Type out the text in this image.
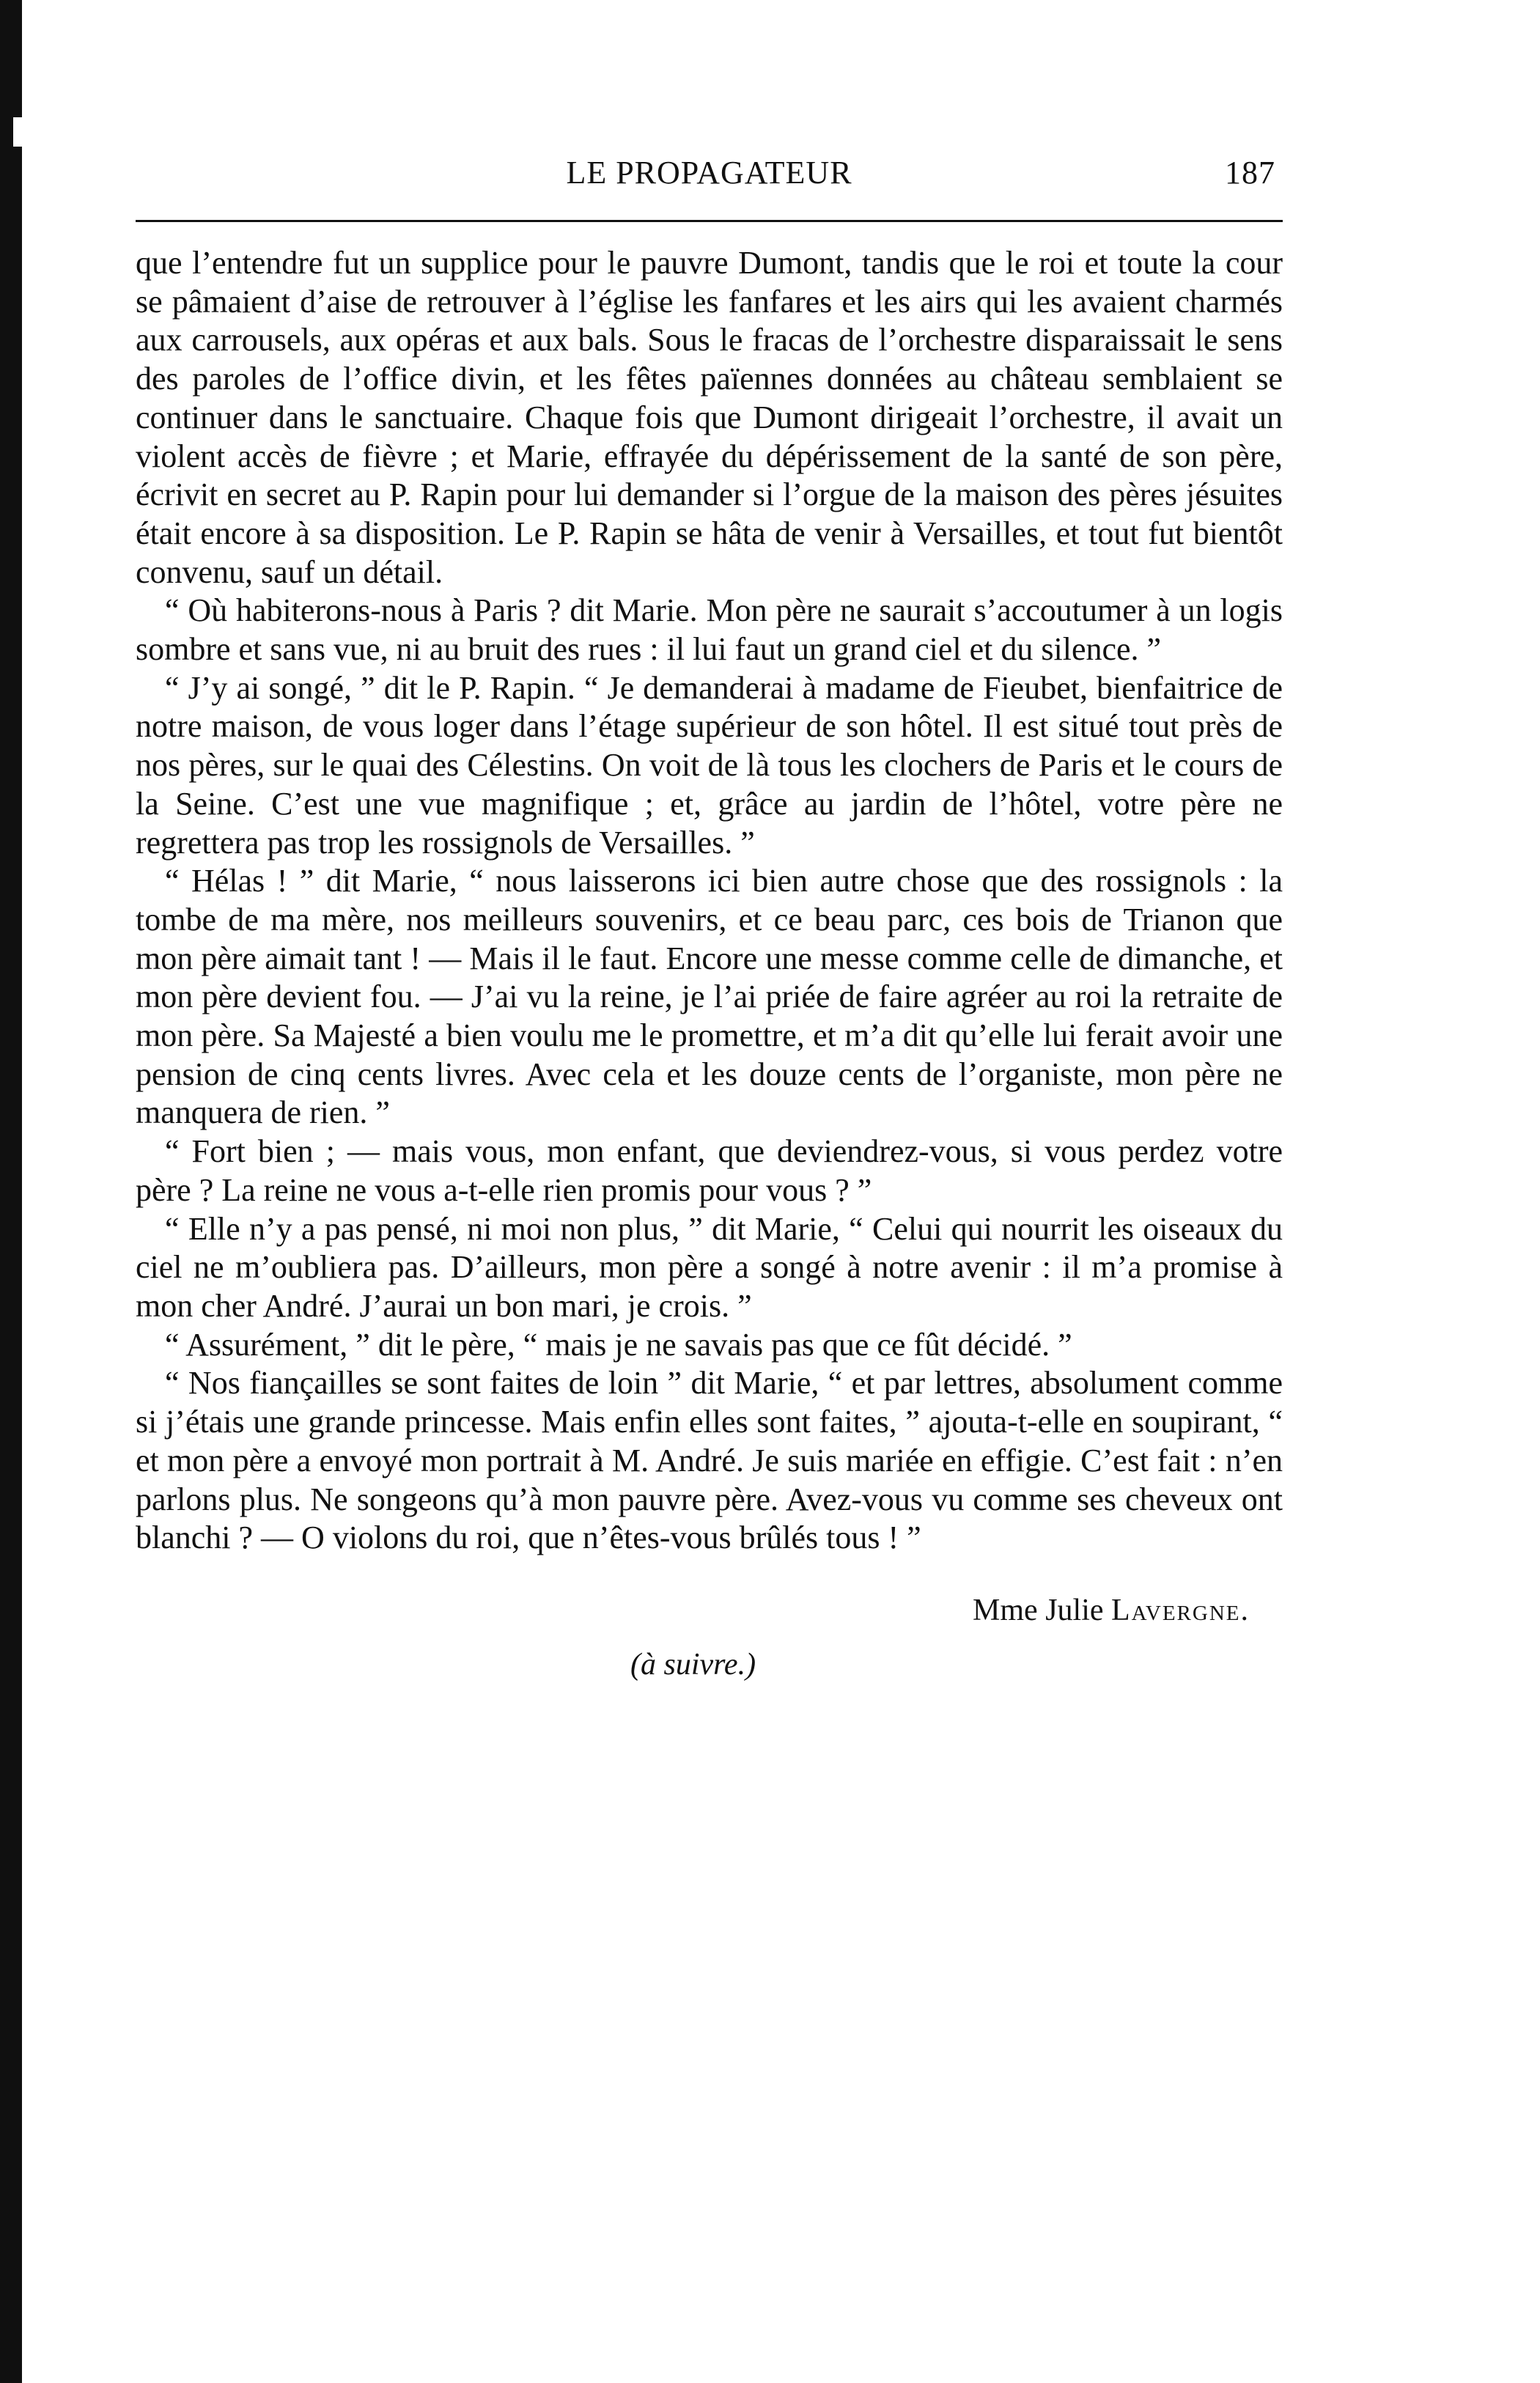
LE PROPAGATEUR	187

que l’entendre fut un supplice pour le pauvre Dumont, tandis que le roi et toute la cour se pâmaient d’aise de retrouver à l’église les fanfares et les airs qui les avaient charmés aux carrousels, aux opéras et aux bals. Sous le fracas de l’orchestre disparaissait le sens des paroles de l’office divin, et les fêtes païennes données au château semblaient se continuer dans le sanctuaire. Chaque fois que Dumont dirigeait l’orchestre, il avait un violent accès de fièvre ; et Marie, effrayée du dépérissement de la santé de son père, écrivit en secret au P. Rapin pour lui demander si l’orgue de la maison des pères jésuites était encore à sa disposition. Le P. Rapin se hâta de venir à Versailles, et tout fut bientôt convenu, sauf un détail.

“ Où habiterons-nous à Paris ? dit Marie. Mon père ne saurait s’accoutumer à un logis sombre et sans vue, ni au bruit des rues : il lui faut un grand ciel et du silence. ”

“ J’y ai songé, ” dit le P. Rapin. “ Je demanderai à madame de Fieubet, bienfaitrice de notre maison, de vous loger dans l’étage supérieur de son hôtel. Il est situé tout près de nos pères, sur le quai des Célestins. On voit de là tous les clochers de Paris et le cours de la Seine. C’est une vue magnifique ; et, grâce au jardin de l’hôtel, votre père ne regrettera pas trop les rossignols de Versailles. ”

“ Hélas ! ” dit Marie, “ nous laisserons ici bien autre chose que des rossignols : la tombe de ma mère, nos meilleurs souvenirs, et ce beau parc, ces bois de Trianon que mon père aimait tant ! — Mais il le faut. Encore une messe comme celle de dimanche, et mon père devient fou. — J’ai vu la reine, je l’ai priée de faire agréer au roi la retraite de mon père. Sa Majesté a bien voulu me le promettre, et m’a dit qu’elle lui ferait avoir une pension de cinq cents livres. Avec cela et les douze cents de l’organiste, mon père ne manquera de rien. ”

“ Fort bien ; — mais vous, mon enfant, que deviendrez-vous, si vous perdez votre père ? La reine ne vous a-t-elle rien promis pour vous ? ”

“ Elle n’y a pas pensé, ni moi non plus, ” dit Marie, “ Celui qui nourrit les oiseaux du ciel ne m’oubliera pas. D’ailleurs, mon père a songé à notre avenir : il m’a promise à mon cher André. J’aurai un bon mari, je crois. ”

“ Assurément, ” dit le père, “ mais je ne savais pas que ce fût décidé. ”

“ Nos fiançailles se sont faites de loin ” dit Marie, “ et par lettres, absolument comme si j’étais une grande princesse. Mais enfin elles sont faites, ” ajouta-t-elle en soupirant, “ et mon père a envoyé mon portrait à M. André. Je suis mariée en effigie. C’est fait : n’en parlons plus. Ne songeons qu’à mon pauvre père. Avez-vous vu comme ses cheveux ont blanchi ? — O violons du roi, que n’êtes-vous brûlés tous ! ”

Mme Julie Lavergne.
(à suivre.)
